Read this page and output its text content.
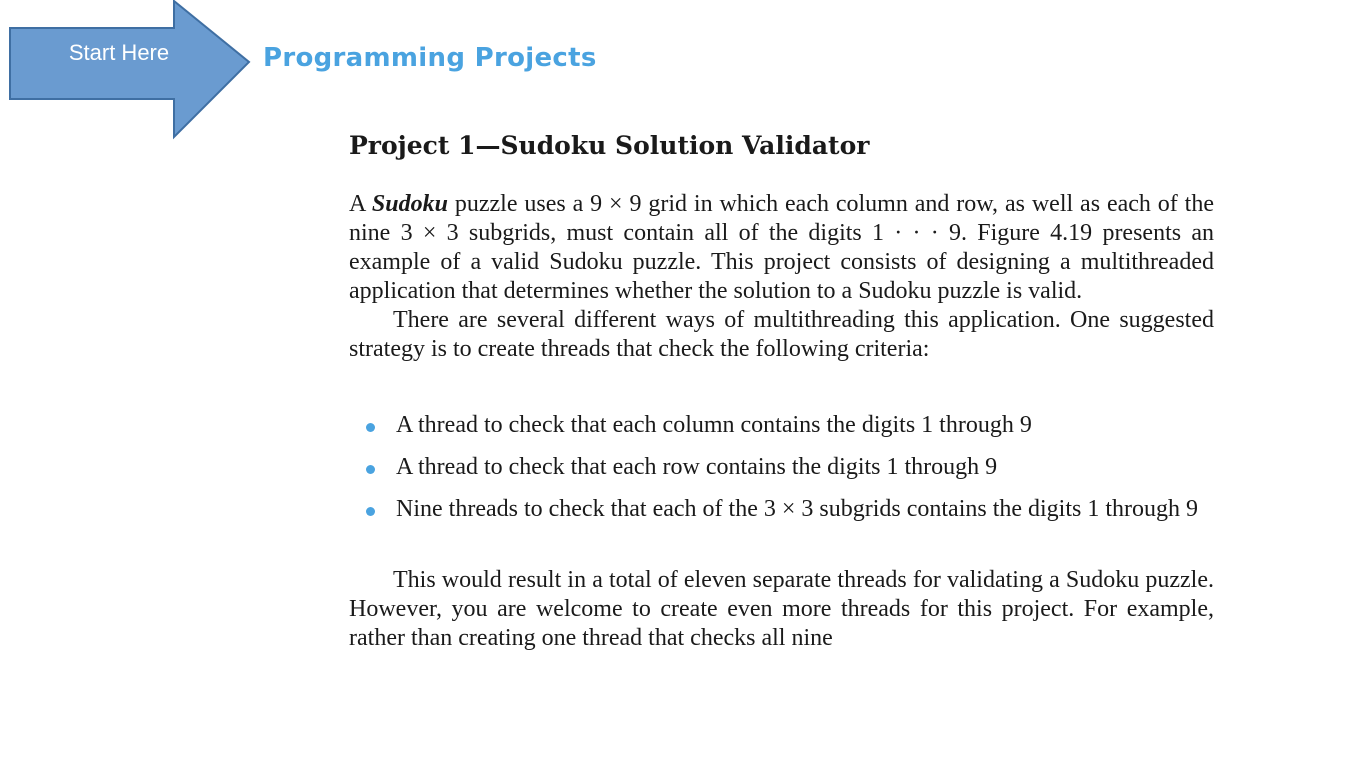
Start Here	Programming Projects
Project 1—Sudoku Solution Validator

A Sudoku puzzle uses a 9 × 9 grid in which each column and row, as well as each of the nine 3 × 3 subgrids, must contain all of the digits 1 · · · 9. Figure 4.19 presents an example of a valid Sudoku puzzle. This project consists of designing a multithreaded application that determines whether the solution to a Sudoku puzzle is valid.

There are several different ways of multithreading this application. One suggested strategy is to create threads that check the following criteria:

A thread to check that each column contains the digits 1 through 9
A thread to check that each row contains the digits 1 through 9
Nine threads to check that each of the 3 × 3 subgrids contains the digits 1 through 9

This would result in a total of eleven separate threads for validating a Sudoku puzzle. However, you are welcome to create even more threads for this project. For example, rather than creating one thread that checks all nine
